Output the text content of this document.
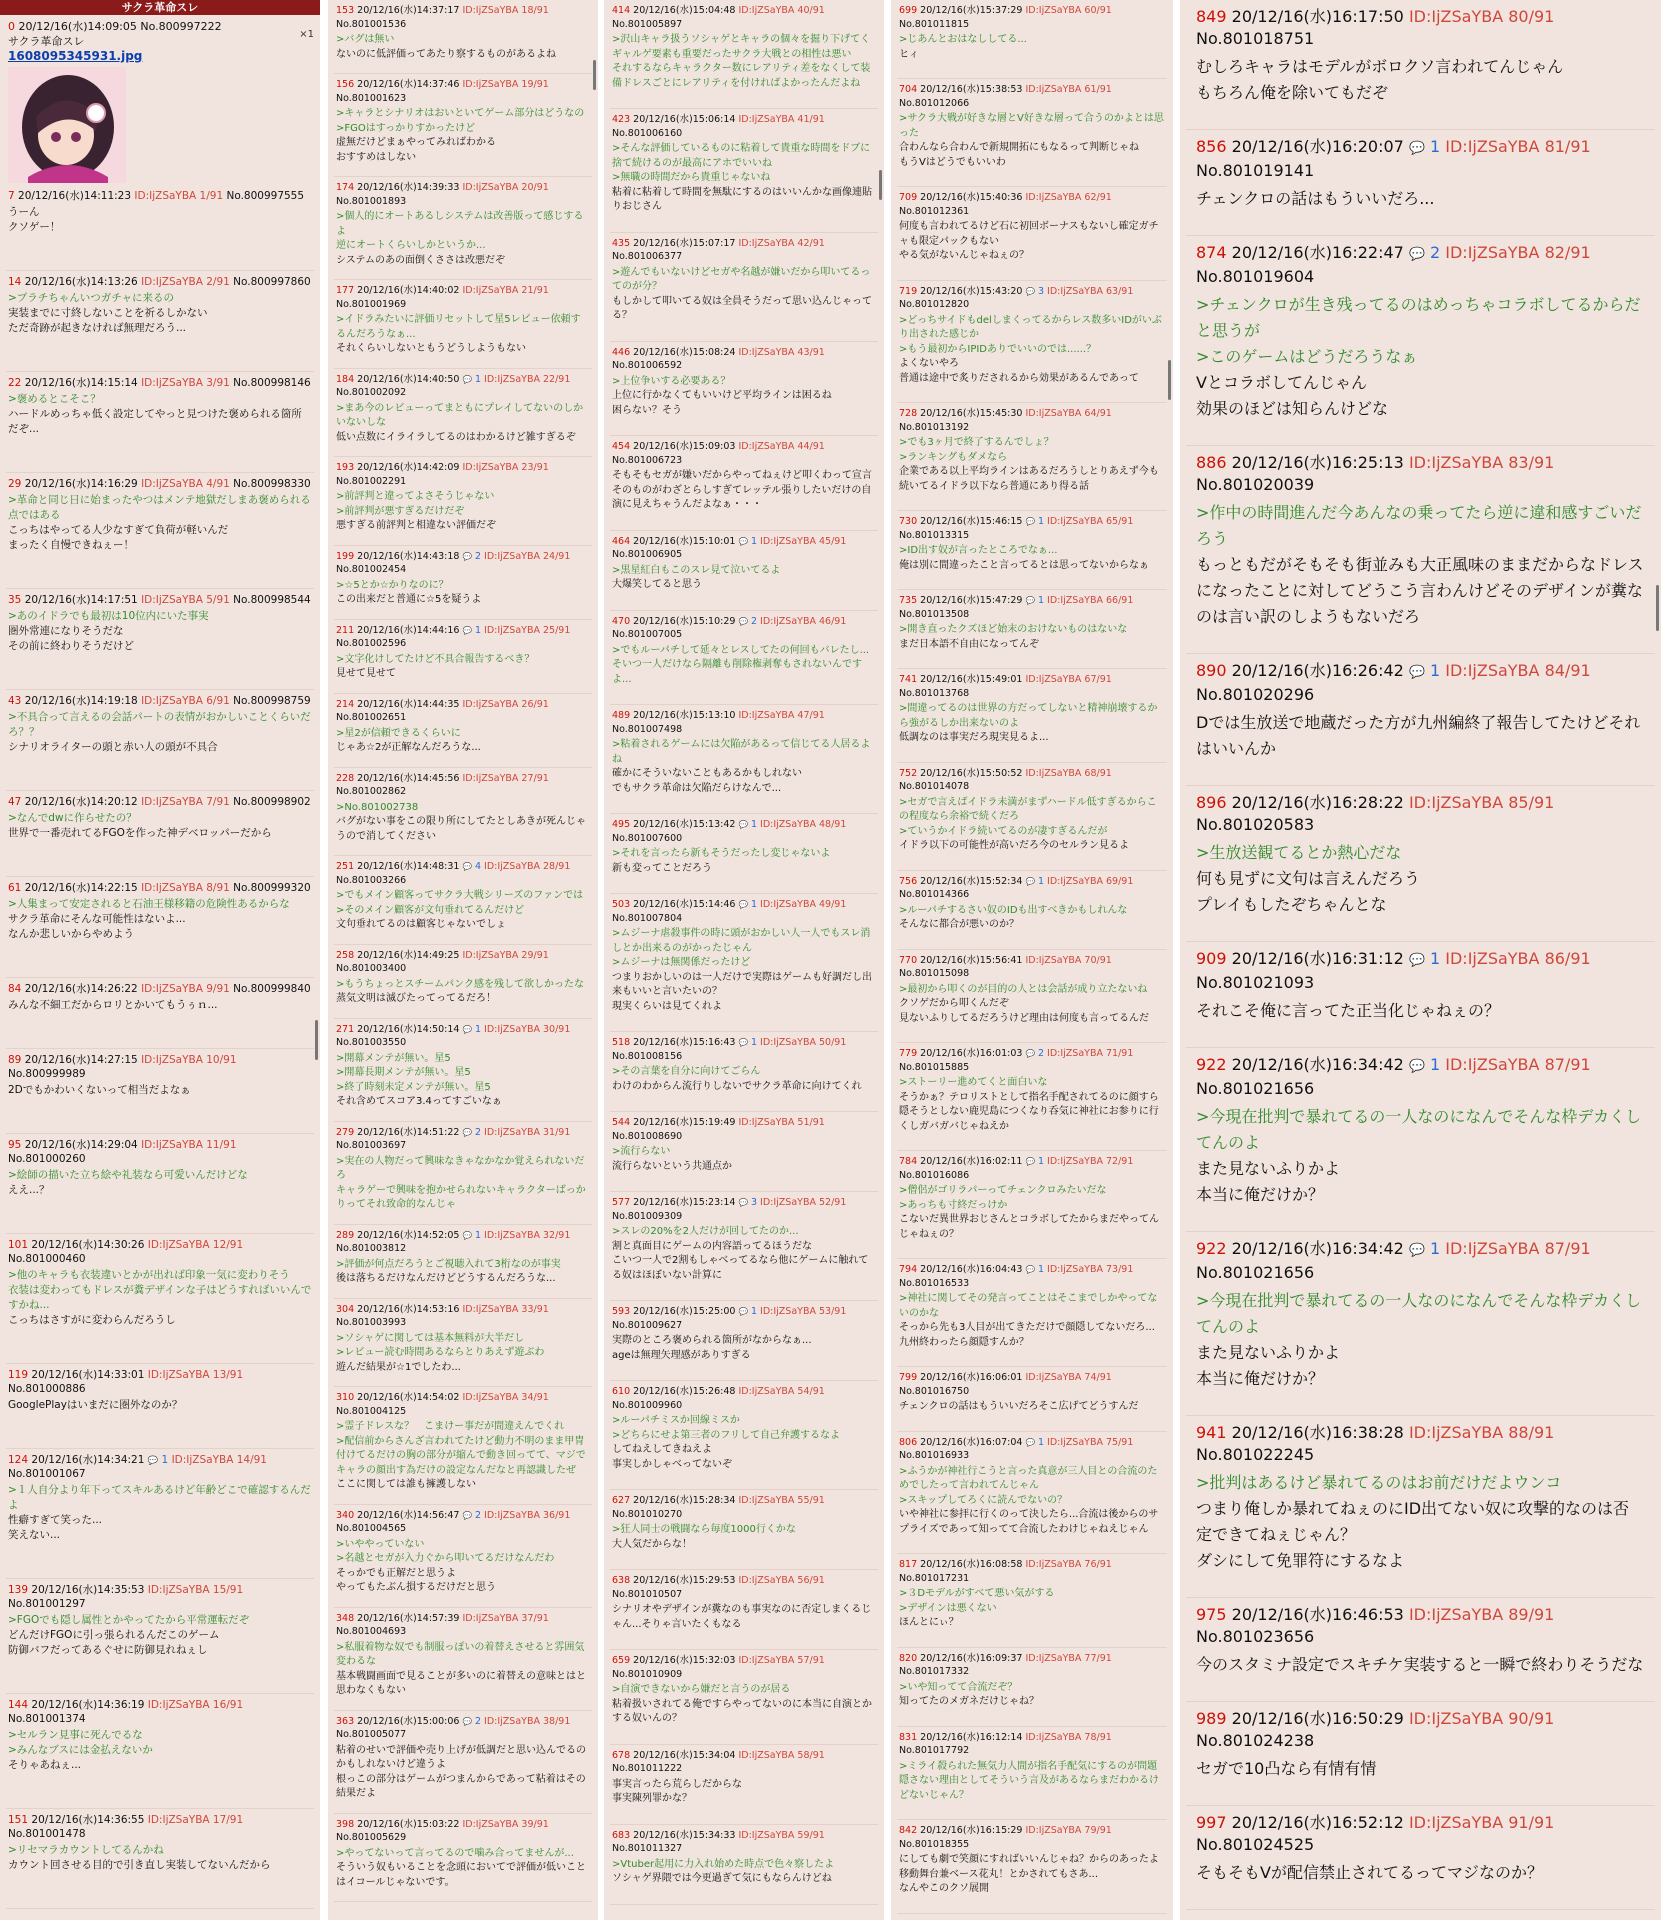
サクラ革命スレ
0 20/12/16(水)14:09:05 No.800997222
×1
サクラ革命スレ
1608095345931.jpg
7 20/12/16(水)14:11:23 ID:IjZSaYBA 1/91 No.800997555
うーん
クソゲー！
14 20/12/16(水)14:13:26 ID:IjZSaYBA 2/91 No.800997860
>プラチちゃんいつガチャに来るの
実装までに寸終しないことを祈るしかない
ただ奇跡が起きなければ無理だろう...
22 20/12/16(水)14:15:14 ID:IjZSaYBA 3/91 No.800998146
>褒めるとこそこ？
ハードルめっちゃ低く設定してやっと見つけた褒められる箇所だぞ...
29 20/12/16(水)14:16:29 ID:IjZSaYBA 4/91 No.800998330
>革命と同じ日に始まったやつはメンテ地獄だしまあ褒められる点ではある
こっちはやってる人少なすぎて負荷が軽いんだ
まったく自慢できねぇー！
35 20/12/16(水)14:17:51 ID:IjZSaYBA 5/91 No.800998544
>あのイドラでも最初は10位内にいた事実
圏外常連になりそうだな
その前に終わりそうだけど
43 20/12/16(水)14:19:18 ID:IjZSaYBA 6/91 No.800998759
>不具合って言えるの会話パートの表情がおかしいことくらいだろ？？
シナリオライターの頭と赤い人の頭が不具合
47 20/12/16(水)14:20:12 ID:IjZSaYBA 7/91 No.800998902
>なんでdwに作らせたの？
世界で一番売れてるFGOを作った神デベロッパーだから
61 20/12/16(水)14:22:15 ID:IjZSaYBA 8/91 No.800999320
>人集まって安定されると石油王様移籍の危険性あるからな
サクラ革命にそんな可能性はないよ...
なんか悲しいからやめよう
84 20/12/16(水)14:26:22 ID:IjZSaYBA 9/91 No.800999840
みんな不細工だからロリとかいてもうぅｎ...
89 20/12/16(水)14:27:15 ID:IjZSaYBA 10/91 No.800999989
2Dでもかわいくないって相当だよなぁ
95 20/12/16(水)14:29:04 ID:IjZSaYBA 11/91 No.801000260
>絵師の描いた立ち絵や礼装なら可愛いんだけどな
ええ...？
101 20/12/16(水)14:30:26 ID:IjZSaYBA 12/91 No.801000460
>他のキャラも衣装違いとかが出れば印象一気に変わりそう
衣装は変わってもドレスが糞デザインな子はどうすればいいんですかね...
こっちはさすがに変わらんだろうし
119 20/12/16(水)14:33:01 ID:IjZSaYBA 13/91 No.801000886
GooglePlayはいまだに圏外なのか？
124 20/12/16(水)14:34:21 💬 1 ID:IjZSaYBA 14/91 No.801001067
>１人自分より年下ってスキルあるけど年齢どこで確認するんだよ
性癖すぎて笑った...
笑えない...
139 20/12/16(水)14:35:53 ID:IjZSaYBA 15/91 No.801001297
>FGOでも隠し属性とかやってたから平常運転だぞ
どんだけFGOに引っ張られるんだこのゲーム
防御バフだってあるぐせに防御見れねぇし
144 20/12/16(水)14:36:19 ID:IjZSaYBA 16/91 No.801001374
>セルラン見事に死んでるな
>みんなブスには金払えないか
そりゃあねぇ...
151 20/12/16(水)14:36:55 ID:IjZSaYBA 17/91 No.801001478
>リセマラカウントしてるんかね
カウント回させる目的で引き直し実装してないんだから
153 20/12/16(水)14:37:17 ID:IjZSaYBA 18/91 No.801001536
>バグは無い
ないのに低評価ってあたり察するものがあるよね
156 20/12/16(水)14:37:46 ID:IjZSaYBA 19/91 No.801001623
>キャラとシナリオはおいといてゲーム部分はどうなの
>FGOはすっかりすかったけど
虚無だけどまぁやってみればわかる
おすすめはしない
174 20/12/16(水)14:39:33 ID:IjZSaYBA 20/91 No.801001893
>個人的にオートあるしシステムは改善版って感じするよ
逆にオートくらいしかというか...
システムのあの面倒くささは改悪だぞ
177 20/12/16(水)14:40:02 ID:IjZSaYBA 21/91 No.801001969
>イドラみたいに評価リセットして星5レビュー依頼するんだろうなぁ...
それくらいしないともうどうしようもない
184 20/12/16(水)14:40:50 💬 1 ID:IjZSaYBA 22/91 No.801002092
>まあ今のレビューってまともにプレイしてないのしかいないしな
低い点数にイライラしてるのはわかるけど雑すぎるぞ
193 20/12/16(水)14:42:09 ID:IjZSaYBA 23/91 No.801002291
>前評判と違ってよさそうじゃない
>前評判が悪すぎるだけだぞ
悪すぎる前評判と相違ない評価だぞ
199 20/12/16(水)14:43:18 💬 2 ID:IjZSaYBA 24/91 No.801002454
>☆5とか☆かりなのに？
この出来だと普通に☆5を疑うよ
211 20/12/16(水)14:44:16 💬 1 ID:IjZSaYBA 25/91 No.801002596
>文字化けしてたけど不具合報告するべき？
見せて見せて
214 20/12/16(水)14:44:35 ID:IjZSaYBA 26/91 No.801002651
>星2が信頼できるくらいに
じゃあ☆2が正解なんだろうな...
228 20/12/16(水)14:45:56 ID:IjZSaYBA 27/91 No.801002862
>No.801002738
バグがない事をこの限り所にしてたとしあきが死んじゃうので消してください
251 20/12/16(水)14:48:31 💬 4 ID:IjZSaYBA 28/91 No.801003266
>でもメイン顧客ってサクラ大戦シリーズのファンでは
>そのメイン顧客が文句垂れてるんだけど
文句垂れてるのは顧客じゃないでしょ
258 20/12/16(水)14:49:25 ID:IjZSaYBA 29/91 No.801003400
>もうちょっとスチームパンク感を残して欲しかったな
蒸気文明は滅びたってってるだろ！
271 20/12/16(水)14:50:14 💬 1 ID:IjZSaYBA 30/91 No.801003550
>開幕メンテが無い。星5
>開幕長期メンテが無い。星5
>終了時刻未定メンテが無い。星5
それ含めてスコア3.4ってすごいなぁ
279 20/12/16(水)14:51:22 💬 2 ID:IjZSaYBA 31/91 No.801003697
>実在の人物だって興味なきゃなかなか覚えられないだろ
キャラゲーで興味を抱かせられないキャラクターばっかりってそれ致命的なんじゃ
289 20/12/16(水)14:52:05 💬 1 ID:IjZSaYBA 32/91 No.801003812
>評価が何点だろうとご視聴入れて3桁なのが事実
後は落ちるだけなんだけどどうするんだろうな...
304 20/12/16(水)14:53:16 ID:IjZSaYBA 33/91 No.801003993
>ソシャゲに関しては基本無料が大半だし
>レビュー読む時間あるならとりあえず遊ぶわ
遊んだ結果が☆1でしたわ...
310 20/12/16(水)14:54:02 ID:IjZSaYBA 34/91 No.801004125
>霊子ドレスな？　こまけー事だが間違えんでくれ
>配信前からさんざ言われてたけど動力不明のまま甲冑付けてるだけの胸の部分が縮んで動き回ってて、マジでキャラの顔出す為だけの設定なんだなと再認識したぜ
ここに関しては誰も擁護しない
340 20/12/16(水)14:56:47 💬 2 ID:IjZSaYBA 36/91 No.801004565
>いややっていない
>名越とセガが入力ぐから叩いてるだけなんだわ
そっかでも正解だと思うよ
やってもたぶん損するだけだと思う
348 20/12/16(水)14:57:39 ID:IjZSaYBA 37/91 No.801004693
>私服着物な奴でも制服っぽいの着替えさせると雰囲気変わるな
基本戦闘画面で見ることが多いのに着替えの意味とはと思わなくもない
363 20/12/16(水)15:00:06 💬 2 ID:IjZSaYBA 38/91 No.801005077
粘着のせいで評価や売り上げが低調だと思い込んでるのかもしれないけど違うよ
根っこの部分はゲームがつまんからであって粘着はその結果だよ
398 20/12/16(水)15:03:22 ID:IjZSaYBA 39/91 No.801005629
>やってないって言ってるので噛み合ってませんが...
そういう奴もいることを念頭においてで評価が低いことはイコールじゃないです。
414 20/12/16(水)15:04:48 ID:IjZSaYBA 40/91 No.801005897
>沢山キャラ扱うソシャゲとキャラの個々を掘り下げてくギャルゲ要素も重要だったサクラ大戦との相性は悪い
それするならキャラクター数にレアリティ差をなくして装備ドレスごとにレアリティを付ければよかったんだよね
423 20/12/16(水)15:06:14 ID:IjZSaYBA 41/91 No.801006160
>そんな評価しているものに粘着して貴重な時間をドブに捨て続けるのが最高にアホでいいね
>無職の時間だから貴重じゃないね
粘着に粘着して時間を無駄にするのはいいんかな画像連貼りおじさん
435 20/12/16(水)15:07:17 ID:IjZSaYBA 42/91 No.801006377
>遊んでもいないけどセガや名越が嫌いだから叩いてるってのが分？
もしかして叩いてる奴は全員そうだって思い込んじゃってる？
446 20/12/16(水)15:08:24 ID:IjZSaYBA 43/91 No.801006592
>上位争いする必要ある？
上位に行かなくてもいいけど平均ラインは困るね
困らない？そう
454 20/12/16(水)15:09:03 ID:IjZSaYBA 44/91 No.801006723
そもそもセガが嫌いだからやってねぇけど叩くわって宣言そのものがわざとらしすぎてレッテル張りしたいだけの自演に見えちゃうんだよなぁ・・・
464 20/12/16(水)15:10:01 💬 1 ID:IjZSaYBA 45/91 No.801006905
>黒星紅白もこのスレ見て泣いてるよ
大爆笑してると思う
470 20/12/16(水)15:10:29 💬 2 ID:IjZSaYBA 46/91 No.801007005
>でもルーパチして延々とレスしてたの何回もバレたし...
そいつ一人だけなら隔離も削除権剥奪もされないんですよ...
489 20/12/16(水)15:13:10 ID:IjZSaYBA 47/91 No.801007498
>粘着されるゲームには欠陥があるって信じてる人居るよね
確かにそういないこともあるかもしれない
でもサクラ革命は欠陥だらけなんで...
495 20/12/16(水)15:13:42 💬 1 ID:IjZSaYBA 48/91 No.801007600
>それを言ったら新もそうだったし変じゃないよ
新も変ってことだろう
503 20/12/16(水)15:14:46 💬 1 ID:IjZSaYBA 49/91 No.801007804
>ムジーナ虐殺事件の時に頭がおかしい人一人でもスレ消しとか出来るのがかったじゃん
>ムジーナは無関係だったけど
つまりおかしいのは一人だけで実際はゲームも好調だし出来もいいと言いたいの？
現実くらいは見てくれよ
518 20/12/16(水)15:16:43 💬 1 ID:IjZSaYBA 50/91 No.801008156
>その言葉を自分に向けてごらん
わけのわからん流行りしないでサクラ革命に向けてくれ
544 20/12/16(水)15:19:49 ID:IjZSaYBA 51/91 No.801008690
>流行らない
流行らないという共通点か
577 20/12/16(水)15:23:14 💬 3 ID:IjZSaYBA 52/91 No.801009309
>スレの20%を2人だけが回してたのか...
割と真面目にゲームの内容語ってるほうだな
こいつ一人で2割もしゃべってるなら他にゲームに触れてる奴はほぼいない計算に
593 20/12/16(水)15:25:00 💬 1 ID:IjZSaYBA 53/91 No.801009627
実際のところ褒められる箇所がなからなぁ...
ageは無理矢理感がありすぎる
610 20/12/16(水)15:26:48 ID:IjZSaYBA 54/91 No.801009960
>ルーパチミスか回線ミスか
>どちらにせよ第三者のフリして自己弁護するなよ
してねえしてきねえよ
事実しかしゃべってないぞ
627 20/12/16(水)15:28:34 ID:IjZSaYBA 55/91 No.801010270
>狂人同士の戦闘なら毎度1000行くかな
大人気だからな！
638 20/12/16(水)15:29:53 ID:IjZSaYBA 56/91 No.801010507
シナリオやデザインが糞なのも事実なのに否定しまくるじゃん...そりゃ言いたくもなる
659 20/12/16(水)15:32:03 ID:IjZSaYBA 57/91 No.801010909
>自演できないから嫌だと言うのが居る
粘着扱いされてる俺ですらやってないのに本当に自演とかする奴いんの？
678 20/12/16(水)15:34:04 ID:IjZSaYBA 58/91 No.801011222
事実言ったら荒らしだからな
事実陳列罪かな？
683 20/12/16(水)15:34:33 ID:IjZSaYBA 59/91 No.801011327
>Vtuber起用に力入れ始めた時点で色々察したよ
ソシャゲ界隈では今更過ぎて気にもならんけどね
699 20/12/16(水)15:37:29 ID:IjZSaYBA 60/91 No.801011815
>じあんとおはなししてる...
ヒィ
704 20/12/16(水)15:38:53 ID:IjZSaYBA 61/91 No.801012066
>サクラ大戦が好きな層とV好きな層って合うのかよとは思った
合わんなら合わんで新規開拓にもなるって判断じゃね
もうVはどうでもいいわ
709 20/12/16(水)15:40:36 ID:IjZSaYBA 62/91 No.801012361
何度も言われてるけど石に初回ボーナスもないし確定ガチャも限定パックもない
やる気がないんじゃねぇの？
719 20/12/16(水)15:43:20 💬 3 ID:IjZSaYBA 63/91 No.801012820
>どっちサイドもdelしまくってるからレス数多いIDがいぶり出された感じか
>もう最初からIPIDありでいいのでは......？
よくないやろ
普通は途中で炙りだされるから効果があるんであって
728 20/12/16(水)15:45:30 ID:IjZSaYBA 64/91 No.801013192
>でも3ヶ月で終了するんでしょ？
>ランキングもダメなら
企業である以上平均ラインはあるだろうしとりあえず今も続いてるイドラ以下なら普通にあり得る話
730 20/12/16(水)15:46:15 💬 1 ID:IjZSaYBA 65/91 No.801013315
>ID出す奴が言ったところでなぁ...
俺は別に間違ったこと言ってるとは思ってないからなぁ
735 20/12/16(水)15:47:29 💬 1 ID:IjZSaYBA 66/91 No.801013508
>開き直ったクズほど始末のおけないものはないな
まだ日本語不自由になってんぞ
741 20/12/16(水)15:49:01 ID:IjZSaYBA 67/91 No.801013768
>間違ってるのは世界の方だってしないと精神崩壊するから強がるしか出来ないのよ
低調なのは事実だろ現実見るよ...
752 20/12/16(水)15:50:52 ID:IjZSaYBA 68/91 No.801014078
>セガで言えばイドラ未満がまずハードル低すぎるからこの程度なら余裕で続くだろ
>ていうかイドラ続いてるのが凄すぎるんだが
イドラ以下の可能性が高いだろ今のセルラン見るよ
756 20/12/16(水)15:52:34 💬 1 ID:IjZSaYBA 69/91 No.801014366
>ルーパチするさい奴のIDも出すべきかもしれんな
そんなに都合が悪いのか？
770 20/12/16(水)15:56:41 ID:IjZSaYBA 70/91 No.801015098
>最初から叩くのが目的の人とは会話が成り立たないね
クソゲだから叩くんだぞ
見ないふりしてるだろうけど理由は何度も言ってるんだ
779 20/12/16(水)16:01:03 💬 2 ID:IjZSaYBA 71/91 No.801015885
>ストーリー進めてくと面白いな
そうかぁ？テロリストとして指名手配されてるのに顔すら隠そうとしない鹿児島につくなり呑気に神社にお参りに行くしガバガバじゃねえか
784 20/12/16(水)16:02:11 💬 1 ID:IjZSaYBA 72/91 No.801016086
>僧侶がゴリラパーってチェンクロみたいだな
>あっちも寸終だっけか
こないだ異世界おじさんとコラボしてたからまだやってんじゃねぇの？
794 20/12/16(水)16:04:43 💬 1 ID:IjZSaYBA 73/91 No.801016533
>神社に関してその発言ってことはそこまでしかやってないのかな
そっから先も3人目が出てきただけで顔隠してないだろ...
九州終わったら顔隠すんか？
799 20/12/16(水)16:06:01 ID:IjZSaYBA 74/91 No.801016750
チェンクロの話はもういいだろそこ広げてどうすんだ
806 20/12/16(水)16:07:04 💬 1 ID:IjZSaYBA 75/91 No.801016933
>ふうかが神社行こうと言った真意が三人目との合流のためでしたって言われてんじゃん
>スキップしてろくに読んでないの？
いや神社に参拝に行くのって決したら...合流は後からのサプライズであって知ってて合流したわけじゃねえじゃん
817 20/12/16(水)16:08:58 ID:IjZSaYBA 76/91 No.801017231
>３Dモデルがすべて悪い気がする
>デザインは悪くない
ほんとにぃ？
820 20/12/16(水)16:09:37 ID:IjZSaYBA 77/91 No.801017332
>いや知ってて合流だぞ？
知ってたのメガネだけじゃね？
831 20/12/16(水)16:12:14 ID:IjZSaYBA 78/91 No.801017792
>ミライ殺られた無気力人間が指名手配気にするのが問題隠さない理由としてそういう言及があるならまだわかるけどないじゃん？
842 20/12/16(水)16:15:29 ID:IjZSaYBA 79/91 No.801018355
にしても劇で笑顔にすればいいんじゃね？からのあったよ移動舞台兼ベース花丸！とかされてもさあ...
なんやこのクソ展開
849 20/12/16(水)16:17:50 ID:IjZSaYBA 80/91 No.801018751
むしろキャラはモデルがボロクソ言われてんじゃん
もちろん俺を除いてもだぞ
856 20/12/16(水)16:20:07 💬 1 ID:IjZSaYBA 81/91 No.801019141
チェンクロの話はもういいだろ...
874 20/12/16(水)16:22:47 💬 2 ID:IjZSaYBA 82/91 No.801019604
>チェンクロが生き残ってるのはめっちゃコラボしてるからだと思うが
>このゲームはどうだろうなぁ
Vとコラボしてんじゃん
効果のほどは知らんけどな
886 20/12/16(水)16:25:13 ID:IjZSaYBA 83/91 No.801020039
>作中の時間進んだ今あんなの乗ってたら逆に違和感すごいだろう
もっともだがそもそも街並みも大正風味のままだからなドレスになったことに対してどうこう言わんけどそのデザインが糞なのは言い訳のしようもないだろ
890 20/12/16(水)16:26:42 💬 1 ID:IjZSaYBA 84/91 No.801020296
Ⅾでは生放送で地蔵だった方が九州編終了報告してたけどそれはいいんか
896 20/12/16(水)16:28:22 ID:IjZSaYBA 85/91 No.801020583
>生放送観てるとか熱心だな
何も見ずに文句は言えんだろう
プレイもしたぞちゃんとな
909 20/12/16(水)16:31:12 💬 1 ID:IjZSaYBA 86/91 No.801021093
それこそ俺に言ってた正当化じゃねぇの？
922 20/12/16(水)16:34:42 💬 1 ID:IjZSaYBA 87/91 No.801021656
>今現在批判で暴れてるの一人なのになんでそんな枠デカくしてんのよ
また見ないふりかよ
本当に俺だけか？
922 20/12/16(水)16:34:42 💬 1 ID:IjZSaYBA 87/91 No.801021656
>今現在批判で暴れてるの一人なのになんでそんな枠デカくしてんのよ
また見ないふりかよ
本当に俺だけか？
941 20/12/16(水)16:38:28 ID:IjZSaYBA 88/91 No.801022245
>批判はあるけど暴れてるのはお前だけだよウンコ
つまり俺しか暴れてねぇのにID出てない奴に攻撃的なのは否定できてねぇじゃん？
ダシにして免罪符にするなよ
975 20/12/16(水)16:46:53 ID:IjZSaYBA 89/91 No.801023656
今のスタミナ設定でスキチケ実装すると一瞬で終わりそうだな
989 20/12/16(水)16:50:29 ID:IjZSaYBA 90/91 No.801024238
セガで10凸なら有情有情
997 20/12/16(水)16:52:12 ID:IjZSaYBA 91/91 No.801024525
そもそもVが配信禁止されてるってマジなのか？
